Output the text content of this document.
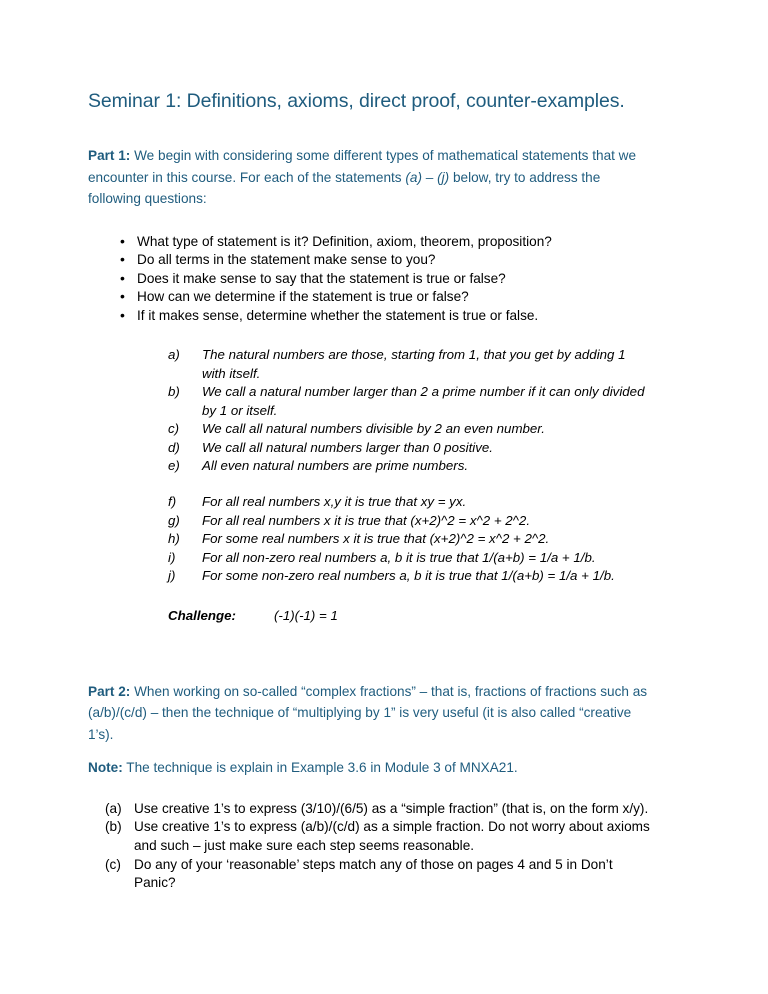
Seminar 1: Definitions, axioms, direct proof, counter-examples.

Part 1: We begin with considering some different types of mathematical statements that we encounter in this course. For each of the statements (a) – (j) below, try to address the following questions:

• What type of statement is it? Definition, axiom, theorem, proposition?
• Do all terms in the statement make sense to you?
• Does it make sense to say that the statement is true or false?
• How can we determine if the statement is true or false?
• If it makes sense, determine whether the statement is true or false.
a) The natural numbers are those, starting from 1, that you get by adding 1 with itself.
b) We call a natural number larger than 2 a prime number if it can only divided by 1 or itself.
c) We call all natural numbers divisible by 2 an even number.
d) We call all natural numbers larger than 0 positive.
e) All even natural numbers are prime numbers.
f) For all real numbers x,y it is true that xy = yx.
g) For all real numbers x it is true that (x+2)^2 = x^2 + 2^2.
h) For some real numbers x it is true that (x+2)^2 = x^2 + 2^2.
i) For all non-zero real numbers a, b it is true that 1/(a+b) = 1/a + 1/b.
j) For some non-zero real numbers a, b it is true that 1/(a+b) = 1/a + 1/b.
Challenge:	(-1)(-1) = 1

Part 2: When working on so-called “complex fractions” – that is, fractions of fractions such as (a/b)/(c/d) – then the technique of “multiplying by 1” is very useful (it is also called “creative 1’s).

Note: The technique is explain in Example 3.6 in Module 3 of MNXA21.

(a) Use creative 1’s to express (3/10)/(6/5) as a “simple fraction” (that is, on the form x/y).
(b) Use creative 1’s to express (a/b)/(c/d) as a simple fraction. Do not worry about axioms and such – just make sure each step seems reasonable.
(c) Do any of your ‘reasonable’ steps match any of those on pages 4 and 5 in Don’t Panic?
